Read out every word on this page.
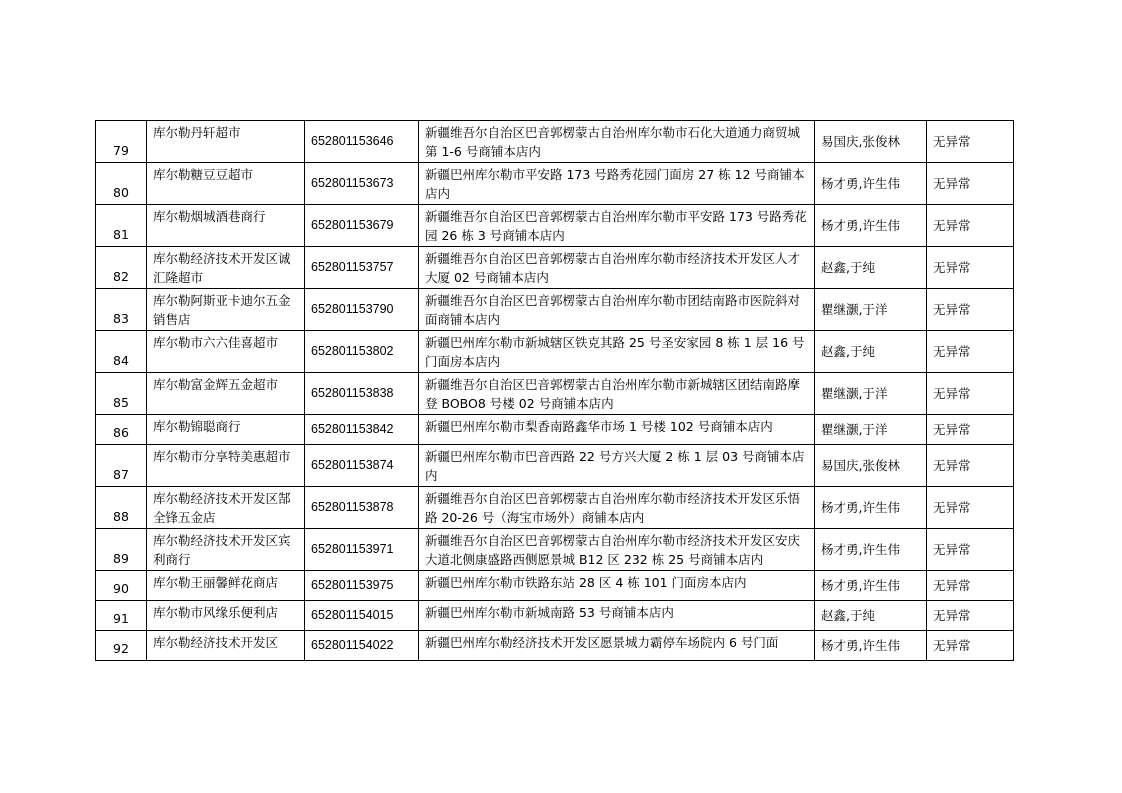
79	库尔勒丹轩超市	652801153646	新疆维吾尔自治区巴音郭楞蒙古自治州库尔勒市石化大道通力商贸城第 1-6 号商铺本店内	易国庆,张俊林	无异常
80	库尔勒糖豆豆超市	652801153673	新疆巴州库尔勒市平安路 173 号路秀花园门面房 27 栋 12 号商铺本店内	杨才勇,许生伟	无异常
81	库尔勒烟城酒巷商行	652801153679	新疆维吾尔自治区巴音郭楞蒙古自治州库尔勒市平安路 173 号路秀花园 26 栋 3 号商铺本店内	杨才勇,许生伟	无异常
82	库尔勒经济技术开发区诚汇隆超市	652801153757	新疆维吾尔自治区巴音郭楞蒙古自治州库尔勒市经济技术开发区人才大厦 02 号商铺本店内	赵鑫,于纯	无异常
83	库尔勒阿斯亚卡迪尔五金销售店	652801153790	新疆维吾尔自治区巴音郭楞蒙古自治州库尔勒市团结南路市医院斜对面商铺本店内	瞿继灏,于洋	无异常
84	库尔勒市六六佳喜超市	652801153802	新疆巴州库尔勒市新城辖区铁克其路 25 号圣安家园 8 栋 1 层 16 号门面房本店内	赵鑫,于纯	无异常
85	库尔勒富金辉五金超市	652801153838	新疆维吾尔自治区巴音郭楞蒙古自治州库尔勒市新城辖区团结南路摩登 BOBO8 号楼 02 号商铺本店内	瞿继灏,于洋	无异常
86	库尔勒锦聪商行	652801153842	新疆巴州库尔勒市梨香南路鑫华市场 1 号楼 102 号商铺本店内	瞿继灏,于洋	无异常
87	库尔勒市分享特美惠超市	652801153874	新疆巴州库尔勒市巴音西路 22 号方兴大厦 2 栋 1 层 03 号商铺本店内	易国庆,张俊林	无异常
88	库尔勒经济技术开发区郜全锋五金店	652801153878	新疆维吾尔自治区巴音郭楞蒙古自治州库尔勒市经济技术开发区乐悟路 20-26 号（海宝市场外）商铺本店内	杨才勇,许生伟	无异常
89	库尔勒经济技术开发区宾利商行	652801153971	新疆维吾尔自治区巴音郭楞蒙古自治州库尔勒市经济技术开发区安庆大道北侧康盛路西侧愿景城 B12 区 232 栋 25 号商铺本店内	杨才勇,许生伟	无异常
90	库尔勒王丽馨鲜花商店	652801153975	新疆巴州库尔勒市铁路东站 28 区 4 栋 101 门面房本店内	杨才勇,许生伟	无异常
91	库尔勒市风缘乐便利店	652801154015	新疆巴州库尔勒市新城南路 53 号商铺本店内	赵鑫,于纯	无异常
92	库尔勒经济技术开发区	652801154022	新疆巴州库尔勒经济技术开发区愿景城力霸停车场院内 6 号门面	杨才勇,许生伟	无异常
